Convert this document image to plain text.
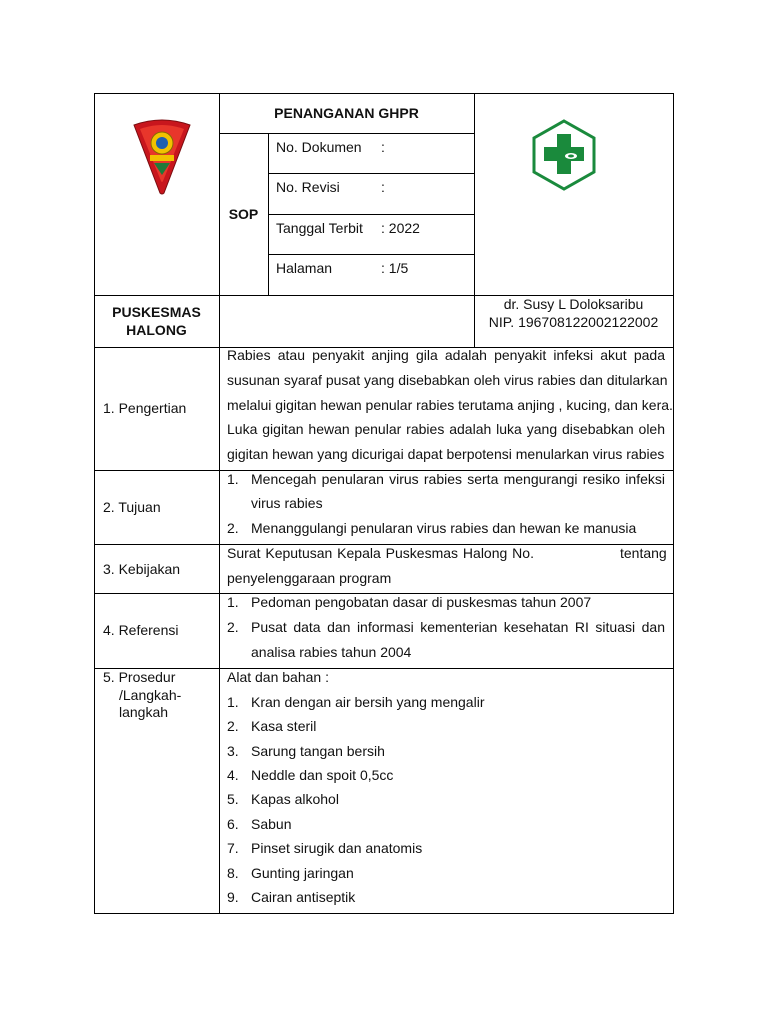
PENANGANAN GHPR
SOP
No. Dokumen :
No. Revisi	:
Tanggal Terbit : 2022
Halaman	: 1/5
PUSKESMAS
HALONG
dr. Susy L Doloksaribu
NIP. 196708122002122002
1. Pengertian
Rabies atau penyakit anjing gila adalah penyakit infeksi akut pada
susunan syaraf pusat yang disebabkan oleh virus rabies dan ditularkan
melalui gigitan hewan penular rabies terutama anjing , kucing, dan kera.
Luka gigitan hewan penular rabies adalah luka yang disebabkan oleh
gigitan hewan yang dicurigai dapat berpotensi menularkan virus rabies
2. Tujuan
1. Mencegah penularan virus rabies serta mengurangi resiko infeksi
virus rabies
2. Menanggulangi penularan virus rabies dan hewan ke manusia
3. Kebijakan
Surat Keputusan Kepala Puskesmas Halong No.	tentang
penyelenggaraan program
4. Referensi
1. Pedoman pengobatan dasar di puskesmas tahun 2007
2. Pusat data dan informasi kementerian kesehatan RI situasi dan
analisa rabies tahun 2004
5. Prosedur
/Langkah-
langkah
Alat dan bahan :
1. Kran dengan air bersih yang mengalir
2. Kasa steril
3. Sarung tangan bersih
4. Neddle dan spoit 0,5cc
5. Kapas alkohol
6. Sabun
7. Pinset sirugik dan anatomis
8. Gunting jaringan
9. Cairan antiseptik
